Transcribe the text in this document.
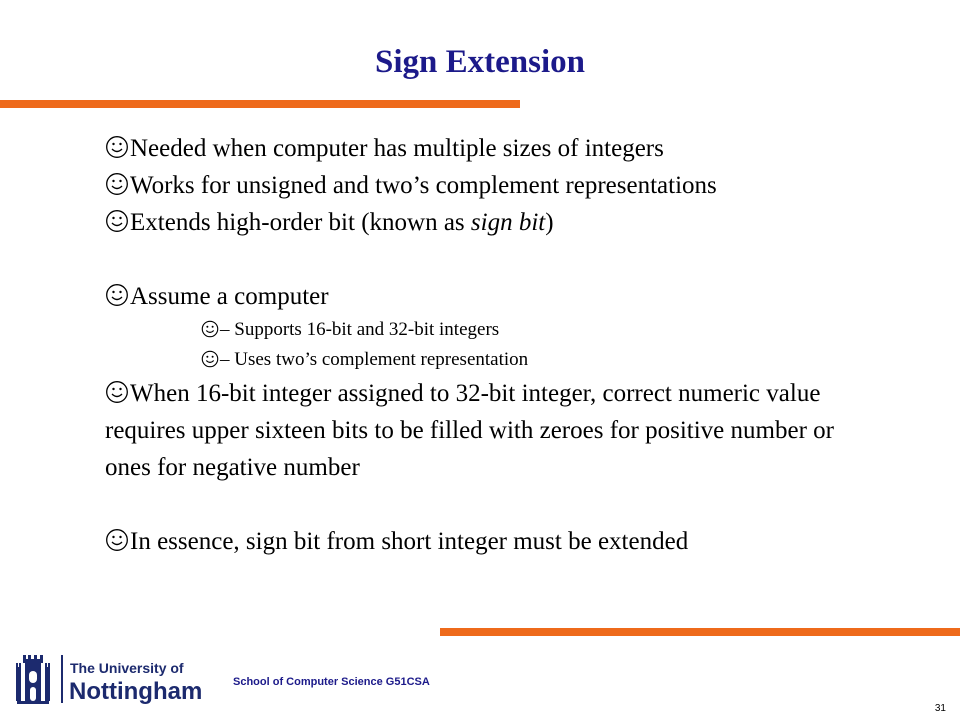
Sign Extension

Needed when computer has multiple sizes of integers

Works for unsigned and two’s complement representations

Extends high-order bit (known as sign bit)

Assume a computer

– Supports 16-bit and 32-bit integers

– Uses two’s complement representation

When 16-bit integer assigned to 32-bit integer, correct numeric value requires upper sixteen bits to be filled with zeroes for positive number or ones for negative number

In essence, sign bit from short integer must be extended

The University of
Nottingham	School of Computer Science G51CSA
31
